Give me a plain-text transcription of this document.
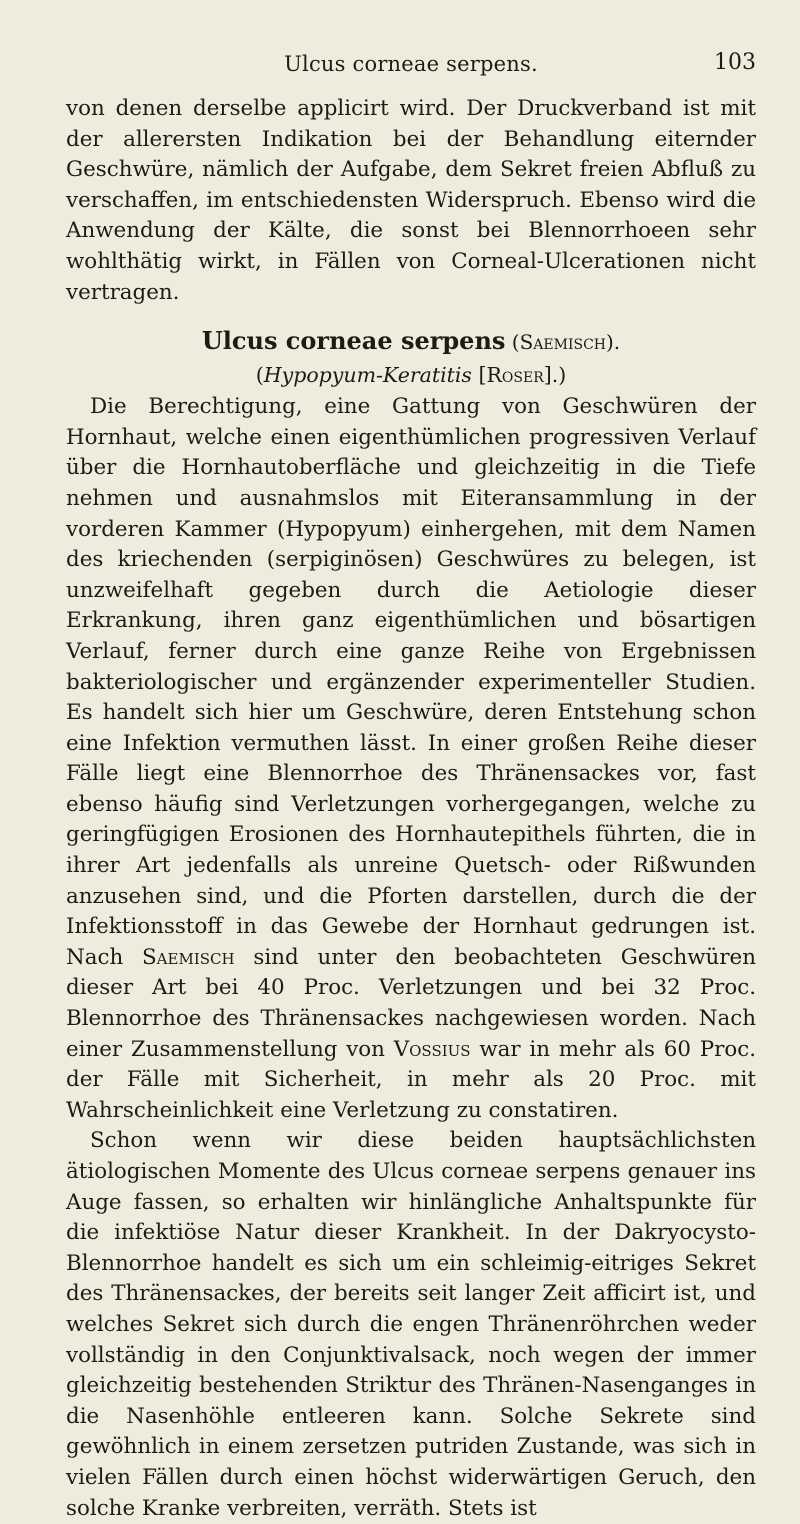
Ulcus corneae serpens.	103

von denen derselbe applicirt wird. Der Druckverband ist mit der allerersten Indikation bei der Behandlung eiternder Geschwüre, nämlich der Aufgabe, dem Sekret freien Abfluß zu verschaffen, im entschiedensten Widerspruch. Ebenso wird die Anwendung der Kälte, die sonst bei Blennorrhoeen sehr wohlthätig wirkt, in Fällen von Corneal-Ulcerationen nicht vertragen.

Ulcus corneae serpens (Saemisch).
(Hypopyum-Keratitis [Roser].)

Die Berechtigung, eine Gattung von Geschwüren der Hornhaut, welche einen eigenthümlichen progressiven Verlauf über die Hornhautoberfläche und gleichzeitig in die Tiefe nehmen und ausnahmslos mit Eiteransammlung in der vorderen Kammer (Hypopyum) einhergehen, mit dem Namen des kriechenden (serpiginösen) Geschwüres zu belegen, ist unzweifelhaft gegeben durch die Aetiologie dieser Erkrankung, ihren ganz eigenthümlichen und bösartigen Verlauf, ferner durch eine ganze Reihe von Ergebnissen bakteriologischer und ergänzender experimenteller Studien. Es handelt sich hier um Geschwüre, deren Entstehung schon eine Infektion vermuthen lässt. In einer großen Reihe dieser Fälle liegt eine Blennorrhoe des Thränensackes vor, fast ebenso häufig sind Verletzungen vorhergegangen, welche zu geringfügigen Erosionen des Hornhautepithels führten, die in ihrer Art jedenfalls als unreine Quetsch- oder Rißwunden anzusehen sind, und die Pforten darstellen, durch die der Infektionsstoff in das Gewebe der Hornhaut gedrungen ist. Nach Saemisch sind unter den beobachteten Geschwüren dieser Art bei 40 Proc. Verletzungen und bei 32 Proc. Blennorrhoe des Thränensackes nachgewiesen worden. Nach einer Zusammenstellung von Vossius war in mehr als 60 Proc. der Fälle mit Sicherheit, in mehr als 20 Proc. mit Wahrscheinlichkeit eine Verletzung zu constatiren.

Schon wenn wir diese beiden hauptsächlichsten ätiologischen Momente des Ulcus corneae serpens genauer ins Auge fassen, so erhalten wir hinlängliche Anhaltspunkte für die infektiöse Natur dieser Krankheit. In der Dakryocysto-Blennorrhoe handelt es sich um ein schleimig-eitriges Sekret des Thränensackes, der bereits seit langer Zeit afficirt ist, und welches Sekret sich durch die engen Thränenröhrchen weder vollständig in den Conjunktivalsack, noch wegen der immer gleichzeitig bestehenden Striktur des Thränen-Nasenganges in die Nasenhöhle entleeren kann. Solche Sekrete sind gewöhnlich in einem zersetzen putriden Zustande, was sich in vielen Fällen durch einen höchst widerwärtigen Geruch, den solche Kranke verbreiten, verräth. Stets ist
